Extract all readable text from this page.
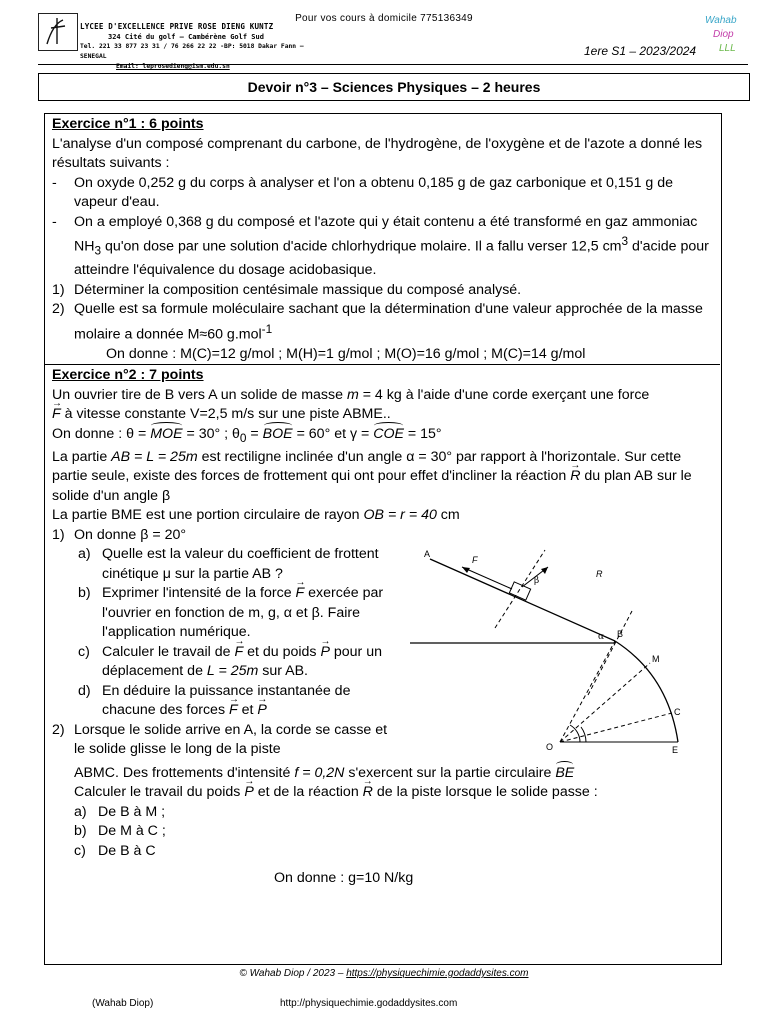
Pour vos cours à domicile 775136349
LYCEE D'EXCELLENCE PRIVE ROSE DIENG KUNTZ
324 Cité du golf – Cambérène Golf Sud
Tel. 221 33 877 23 31 / 76 266 22 22 -BP: 5018 Dakar Fann – SENEGAL
Email: leprosedieng@ism.edu.sn
1ere S1 – 2023/2024
Wahab
Diop
LLL
Devoir n°3 – Sciences Physiques – 2 heures

Exercice n°1 : 6 points

L'analyse d'un composé comprenant du carbone, de l'hydrogène, de l'oxygène et de l'azote a donné les résultats suivants :

-	On oxyde 0,252 g du corps à analyser et l'on a obtenu 0,185 g de gaz carbonique et 0,151 g de vapeur d'eau.
-	On a employé 0,368 g du composé et l'azote qui y était contenu a été transformé en gaz ammoniac $NH_3$ qu'on dose par une solution d'acide chlorhydrique molaire. Il a fallu verser 12,5 $cm^3$ d'acide pour atteindre l'équivalence du dosage acidobasique.
1) Déterminer la composition centésimale massique du composé analysé.
2) Quelle est sa formule moléculaire sachant que la détermination d'une valeur approchée de la masse molaire a donnée M≈60 g.mol$^{-1}$

On donne : M(C)=12 g/mol ; M(H)=1 g/mol ; M(O)=16 g/mol ; M(C)=14 g/mol

Exercice n°2 : 7 points

Un ouvrier tire de B vers A un solide de masse m = 4 kg à l'aide d'une corde exerçant une force

→ F à vitesse constante V=2,5 m/s sur une piste ABME..

On donne : θ = MOE = 30° ; $\theta_0$ = BOE = 60° et γ = COE = 15°

La partie AB = L = 25m est rectiligne inclinée d'un angle α = 30° par rapport à l'horizontale. Sur cette partie seule, existe des forces de frottement qui ont pour effet d'incliner la réaction → R du plan AB sur le solide d'un angle β

La partie BME est une portion circulaire de rayon OB = r = 40 cm

1) On donne β = 20°
a) Quelle est la valeur du coefficient de frottent cinétique μ sur la partie AB ?
b) Exprimer l'intensité de la force → F exercée par l'ouvrier en fonction de m, g, α et β. Faire l'application numérique.
c) Calculer le travail de → F et du poids → P pour un déplacement de L = 25m sur AB.
d) En déduire la puissance instantanée de chacune des forces → F et → P
2) Lorsque le solide arrive en A, la corde se casse et le solide glisse le long de la piste

ABMC. Des frottements d'intensité f = 0,2N s'exercent sur la partie circulaire BE

Calculer le travail du poids → P et de la réaction → R de la piste lorsque le solide passe :

a) De B à M ;
b) De M à C ;
c) De B à C

On donne : g=10 N/kg

A
B
M
C
E
O
F
R
α
β
© Wahab Diop / 2023 – https://physiquechimie.godaddysites.com
(Wahab Diop)	http://physiquechimie.godaddysites.com
